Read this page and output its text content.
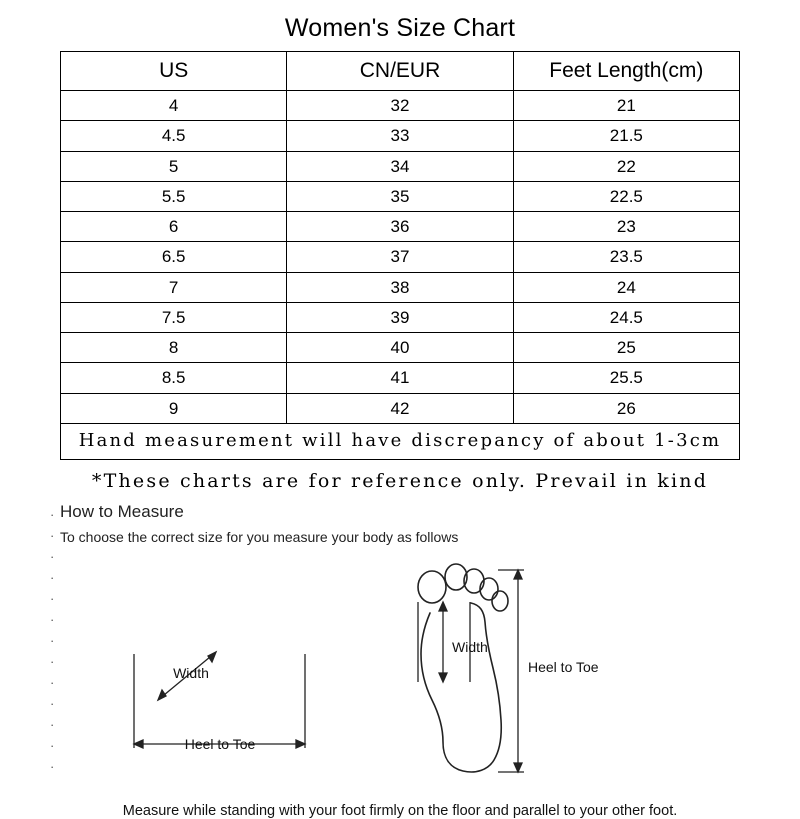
Women's Size Chart		
US	CN/EUR	Feet Length(cm)
4	32	21
4.5	33	21.5
5	34	22
5.5	35	22.5
6	36	23
6.5	37	23.5
7	38	24
7.5	39	24.5
8	40	25
8.5	41	25.5
9	42	26
Hand measurement will have discrepancy of about 1-3cm		
*These charts are for reference only. Prevail in kind
·
·
·
·
·
·
·
·
·
·
·
·
·
How to Measure
To choose the correct size for you measure your body as follows
Width
Heel to Toe
Width
Heel to Toe
Measure while standing with your foot firmly on the floor and parallel to your other foot.
